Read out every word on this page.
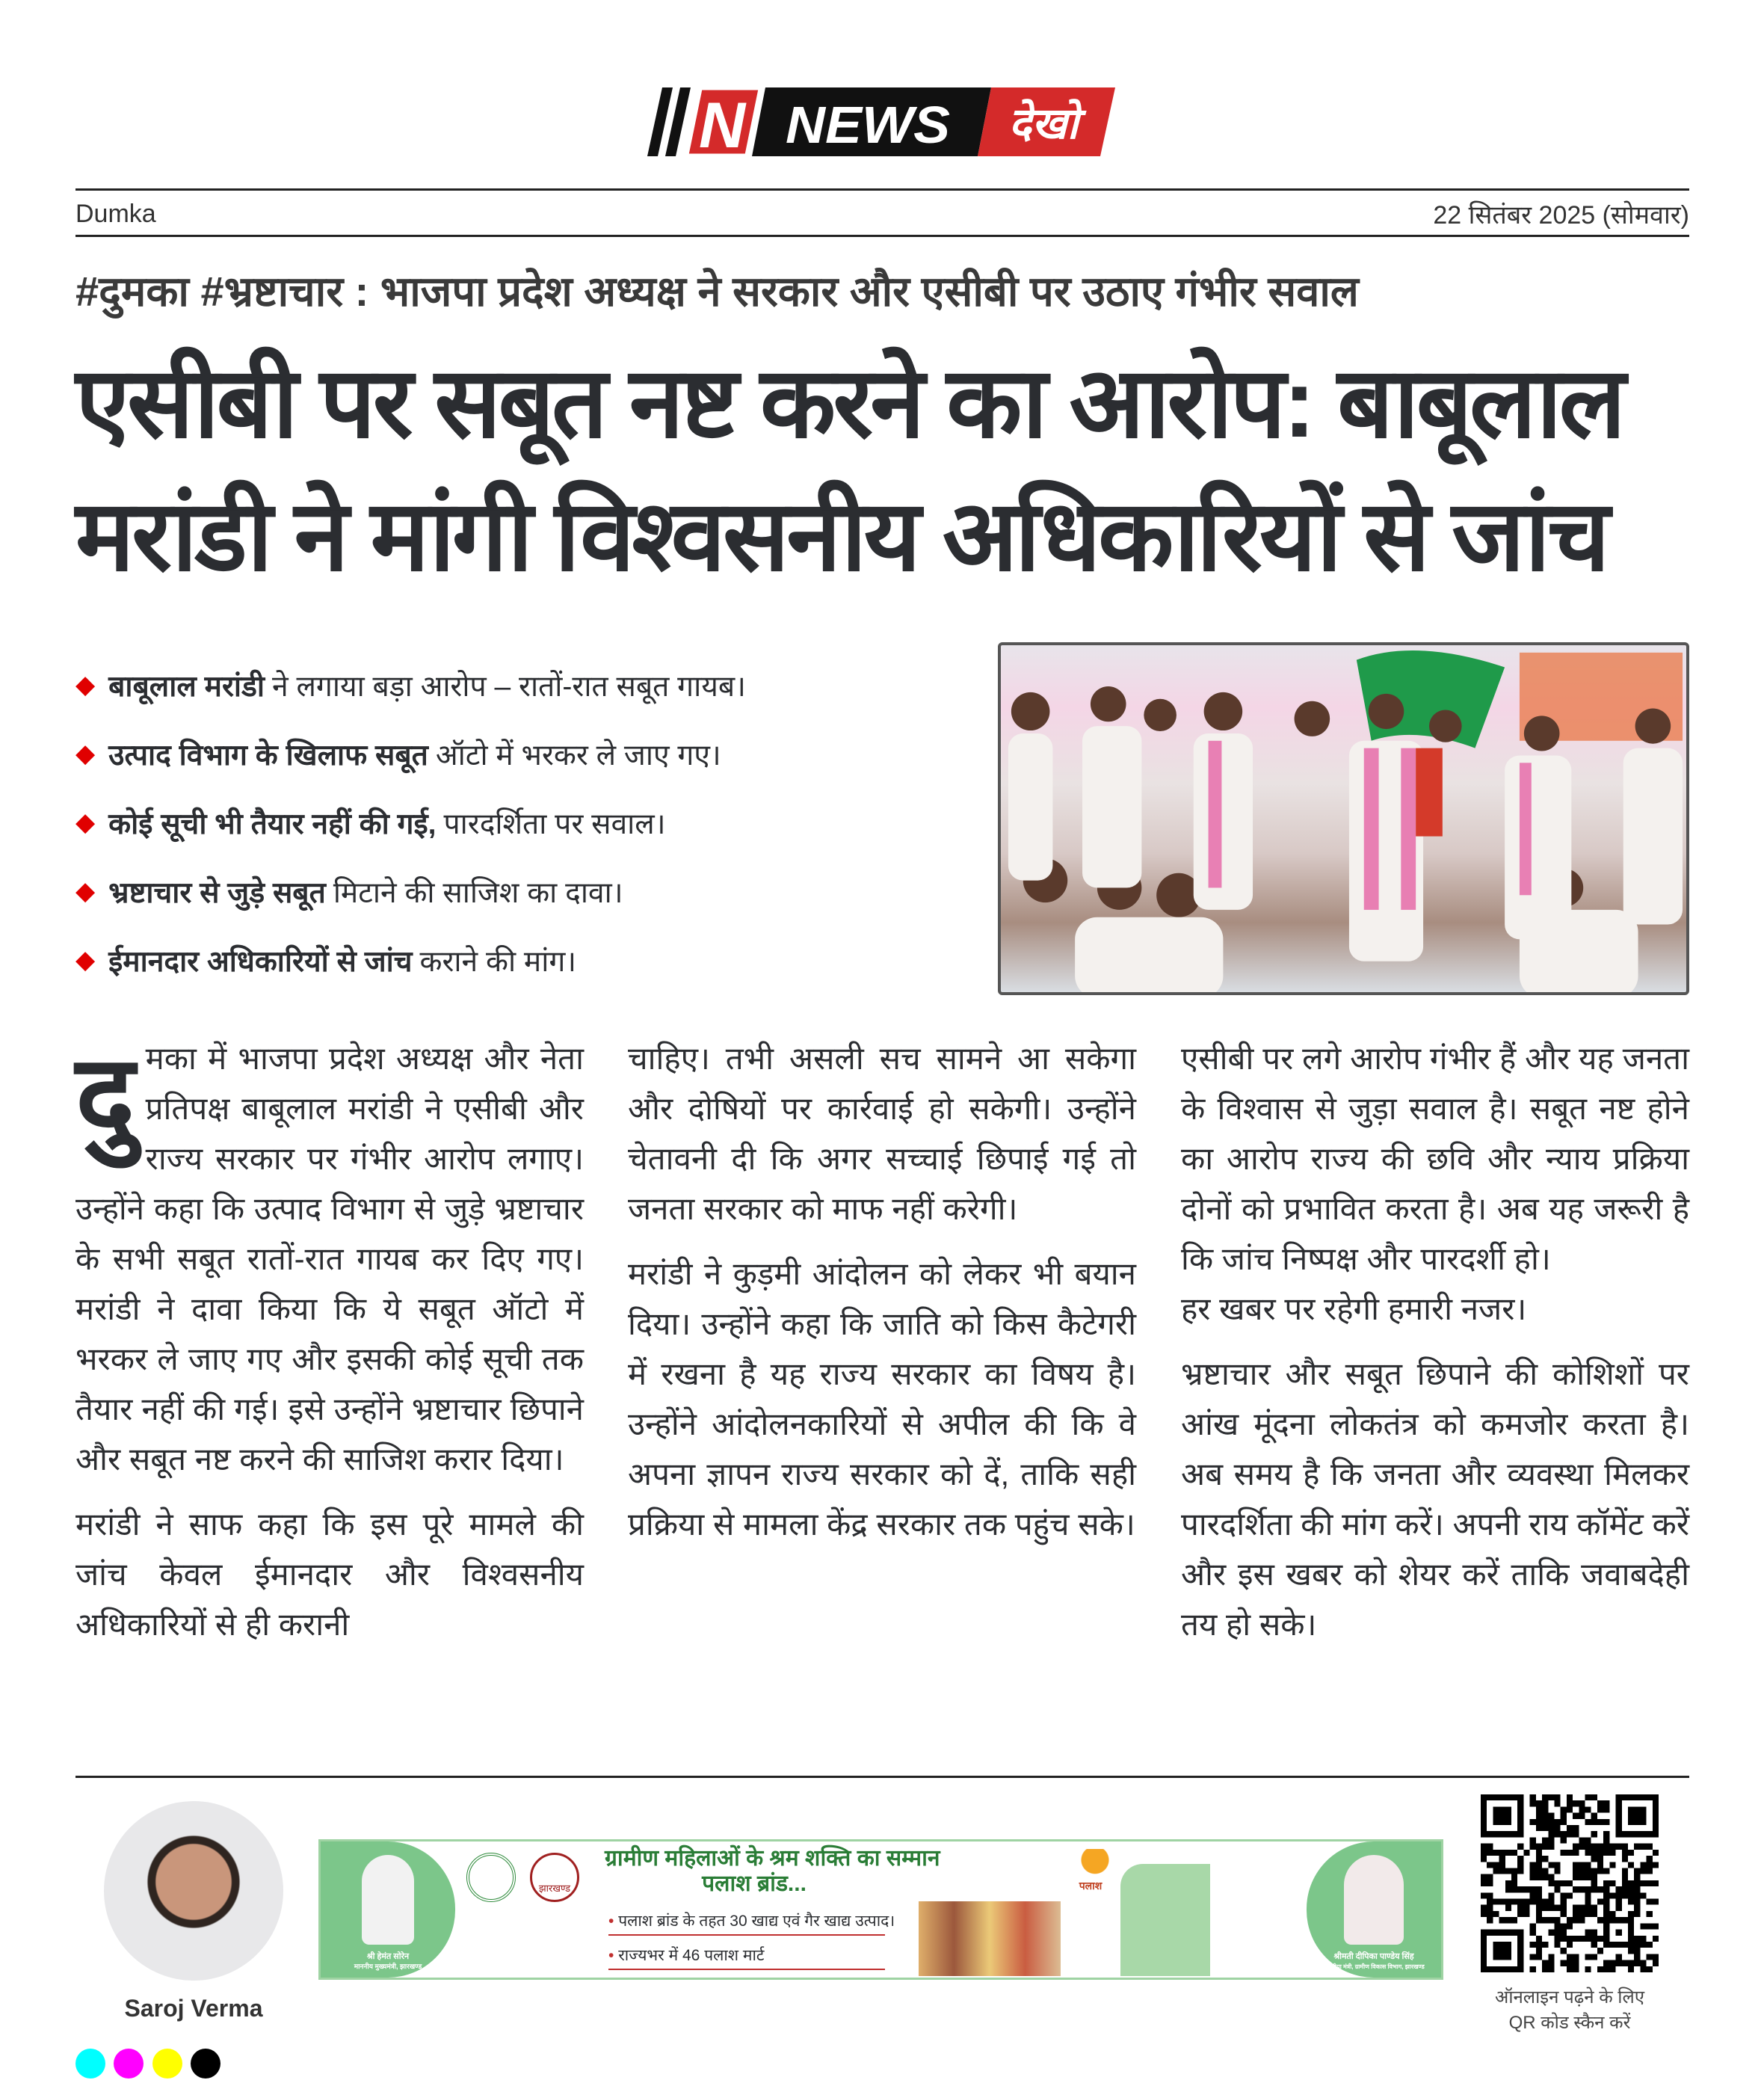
N NEWS देखो
Dumka	22 सितंबर 2025 (सोमवार)
#दुमका #भ्रष्टाचार : भाजपा प्रदेश अध्यक्ष ने सरकार और एसीबी पर उठाए गंभीर सवाल
एसीबी पर सबूत नष्ट करने का आरोप: बाबूलाल
मरांडी ने मांगी विश्वसनीय अधिकारियों से जांच
◆ बाबूलाल मरांडी ने लगाया बड़ा आरोप – रातों-रात सबूत गायब।
◆ उत्पाद विभाग के खिलाफ सबूत ऑटो में भरकर ले जाए गए।
◆ कोई सूची भी तैयार नहीं की गई, पारदर्शिता पर सवाल।
◆ भ्रष्टाचार से जुड़े सबूत मिटाने की साजिश का दावा।
◆ ईमानदार अधिकारियों से जांच कराने की मांग।

दुमका में भाजपा प्रदेश अध्यक्ष और नेता प्रतिपक्ष बाबूलाल मरांडी ने एसीबी और राज्य सरकार पर गंभीर आरोप लगाए। उन्होंने कहा कि उत्पाद विभाग से जुड़े भ्रष्टाचार के सभी सबूत रातों-रात गायब कर दिए गए। मरांडी ने दावा किया कि ये सबूत ऑटो में भरकर ले जाए गए और इसकी कोई सूची तक तैयार नहीं की गई। इसे उन्होंने भ्रष्टाचार छिपाने और सबूत नष्ट करने की साजिश करार दिया।

मरांडी ने साफ कहा कि इस पूरे मामले की जांच केवल ईमानदार और विश्वसनीय अधिकारियों से ही करानी

चाहिए। तभी असली सच सामने आ सकेगा और दोषियों पर कार्रवाई हो सकेगी। उन्होंने चेतावनी दी कि अगर सच्चाई छिपाई गई तो जनता सरकार को माफ नहीं करेगी।

मरांडी ने कुड़मी आंदोलन को लेकर भी बयान दिया। उन्होंने कहा कि जाति को किस कैटेगरी में रखना है यह राज्य सरकार का विषय है। उन्होंने आंदोलनकारियों से अपील की कि वे अपना ज्ञापन राज्य सरकार को दें, ताकि सही प्रक्रिया से मामला केंद्र सरकार तक पहुंच सके।

एसीबी पर लगे आरोप गंभीर हैं और यह जनता के विश्वास से जुड़ा सवाल है। सबूत नष्ट होने का आरोप राज्य की छवि और न्याय प्रक्रिया दोनों को प्रभावित करता है। अब यह जरूरी है कि जांच निष्पक्ष और पारदर्शी हो।

हर खबर पर रहेगी हमारी नजर।

भ्रष्टाचार और सबूत छिपाने की कोशिशों पर आंख मूंदना लोकतंत्र को कमजोर करता है। अब समय है कि जनता और व्यवस्था मिलकर पारदर्शिता की मांग करें। अपनी राय कॉमेंट करें और इस खबर को शेयर करें ताकि जवाबदेही तय हो सके।

Saroj Verma
श्री हेमंत सोरेन
माननीय मुख्यमंत्री, झारखण्ड
झारखण्ड
ग्रामीण महिलाओं के श्रम शक्ति का सम्मान
पलाश ब्रांड...
• पलाश ब्रांड के तहत 30 खाद्य एवं गैर खाद्य उत्पाद।
• राज्यभर में 46 पलाश मार्ट
पलाश
श्रीमती दीपिका पाण्डेय सिंह
माननीया मंत्री, ग्रामीण विकास विभाग, झारखण्ड
ऑनलाइन पढ़ने के लिए
QR कोड स्कैन करें
